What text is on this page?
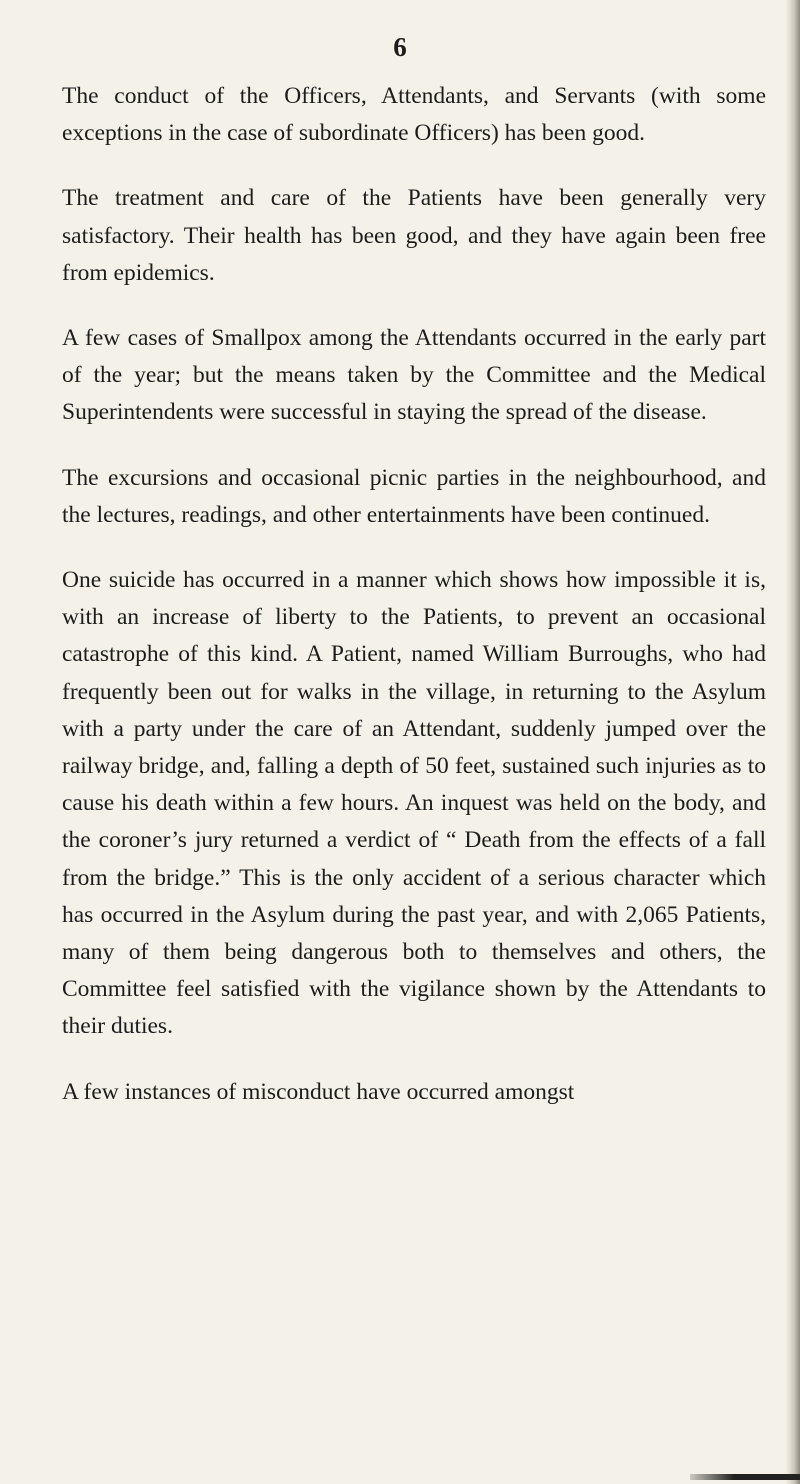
6

The conduct of the Officers, Attendants, and Servants (with some exceptions in the case of subordinate Officers) has been good.

The treatment and care of the Patients have been generally very satisfactory. Their health has been good, and they have again been free from epidemics.

A few cases of Smallpox among the Attendants occurred in the early part of the year; but the means taken by the Committee and the Medical Superintendents were successful in staying the spread of the disease.

The excursions and occasional picnic parties in the neighbourhood, and the lectures, readings, and other entertainments have been continued.

One suicide has occurred in a manner which shows how impossible it is, with an increase of liberty to the Patients, to prevent an occasional catastrophe of this kind. A Patient, named William Burroughs, who had frequently been out for walks in the village, in returning to the Asylum with a party under the care of an Attendant, suddenly jumped over the railway bridge, and, falling a depth of 50 feet, sustained such injuries as to cause his death within a few hours. An inquest was held on the body, and the coroner’s jury returned a verdict of “ Death from the effects of a fall from the bridge.” This is the only accident of a serious character which has occurred in the Asylum during the past year, and with 2,065 Patients, many of them being dangerous both to themselves and others, the Committee feel satisfied with the vigilance shown by the Attendants to their duties.

A few instances of misconduct have occurred amongst
